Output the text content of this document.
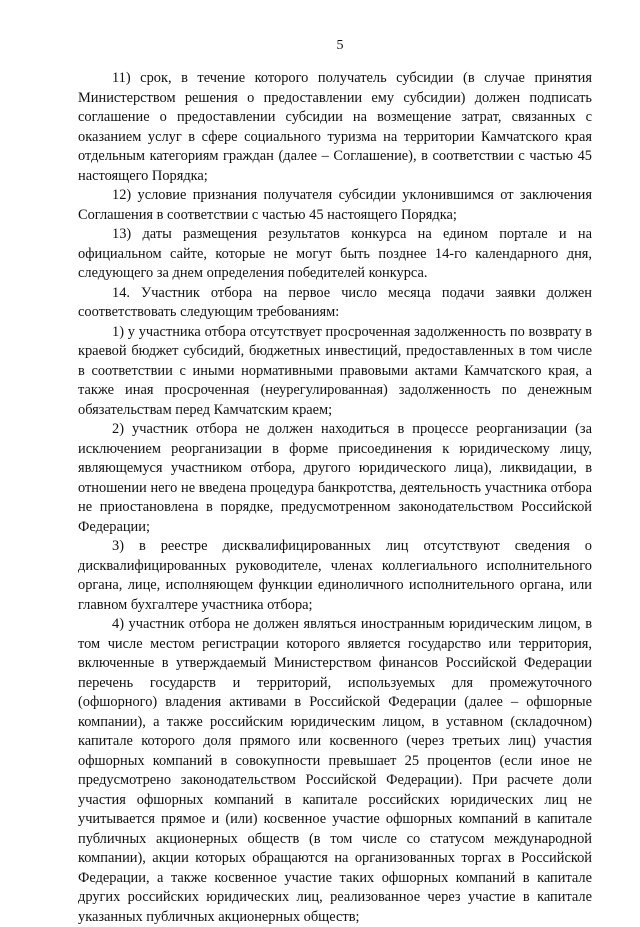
5

11) срок, в течение которого получатель субсидии (в случае принятия Министерством решения о предоставлении ему субсидии) должен подписать соглашение о предоставлении субсидии на возмещение затрат, связанных с оказанием услуг в сфере социального туризма на территории Камчатского края отдельным категориям граждан (далее – Соглашение), в соответствии с частью 45 настоящего Порядка;

12) условие признания получателя субсидии уклонившимся от заключения Соглашения в соответствии с частью 45 настоящего Порядка;

13) даты размещения результатов конкурса на едином портале и на официальном сайте, которые не могут быть позднее 14-го календарного дня, следующего за днем определения победителей конкурса.

14. Участник отбора на первое число месяца подачи заявки должен соответствовать следующим требованиям:

1) у участника отбора отсутствует просроченная задолженность по возврату в краевой бюджет субсидий, бюджетных инвестиций, предоставленных в том числе в соответствии с иными нормативными правовыми актами Камчатского края, а также иная просроченная (неурегулированная) задолженность по денежным обязательствам перед Камчатским краем;

2) участник отбора не должен находиться в процессе реорганизации (за исключением реорганизации в форме присоединения к юридическому лицу, являющемуся участником отбора, другого юридического лица), ликвидации, в отношении него не введена процедура банкротства, деятельность участника отбора не приостановлена в порядке, предусмотренном законодательством Российской Федерации;

3) в реестре дисквалифицированных лиц отсутствуют сведения о дисквалифицированных руководителе, членах коллегиального исполнительного органа, лице, исполняющем функции единоличного исполнительного органа, или главном бухгалтере участника отбора;

4) участник отбора не должен являться иностранным юридическим лицом, в том числе местом регистрации которого является государство или территория, включенные в утверждаемый Министерством финансов Российской Федерации перечень государств и территорий, используемых для промежуточного (офшорного) владения активами в Российской Федерации (далее – офшорные компании), а также российским юридическим лицом, в уставном (складочном) капитале которого доля прямого или косвенного (через третьих лиц) участия офшорных компаний в совокупности превышает 25 процентов (если иное не предусмотрено законодательством Российской Федерации). При расчете доли участия офшорных компаний в капитале российских юридических лиц не учитывается прямое и (или) косвенное участие офшорных компаний в капитале публичных акционерных обществ (в том числе со статусом международной компании), акции которых обращаются на организованных торгах в Российской Федерации, а также косвенное участие таких офшорных компаний в капитале других российских юридических лиц, реализованное через участие в капитале указанных публичных акционерных обществ;
